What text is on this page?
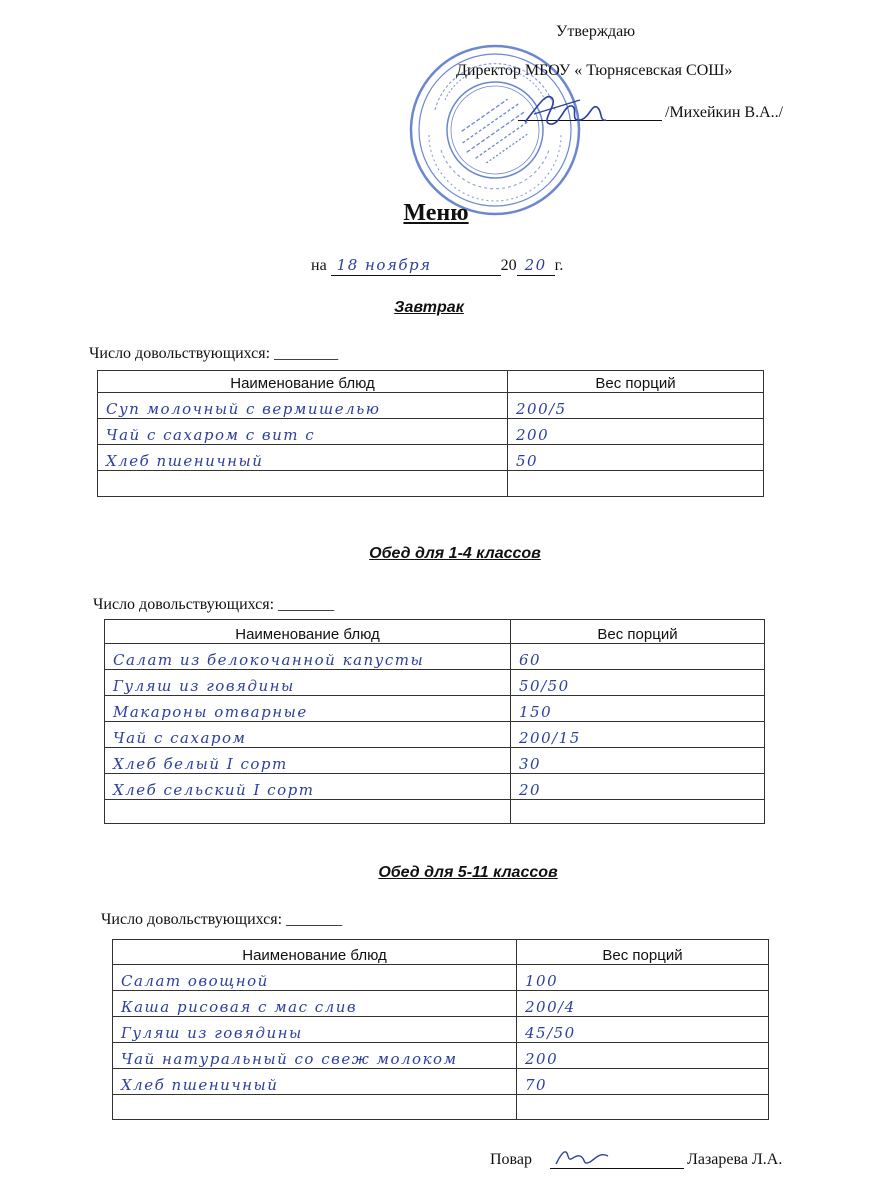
Утверждаю
Директор МБОУ « Тюрнясевская СОШ»
/Михейкин В.А../
Меню
на 18 ноября	20 20 г.
Завтрак
Число довольствующихся: ________
Наименование блюд	Вес порций
Суп молочный с вермишелью	200/5
Чай с сахаром с вит с	200
Хлеб пшеничный	50

Обед для 1-4 классов
Число довольствующихся: _______
Наименование блюд	Вес порций
Салат из белокочанной капусты	60
Гуляш из говядины	50/50
Макароны отварные	150
Чай с сахаром	200/15
Хлеб белый I сорт	30
Хлеб сельский I сорт	20

Обед для 5-11 классов
Число довольствующихся: _______
Наименование блюд	Вес порций
Салат овощной	100
Каша рисовая с мас слив	200/4
Гуляш из говядины	45/50
Чай натуральный со свеж молоком	200
Хлеб пшеничный	70

Повар	Лазарева Л.А.
